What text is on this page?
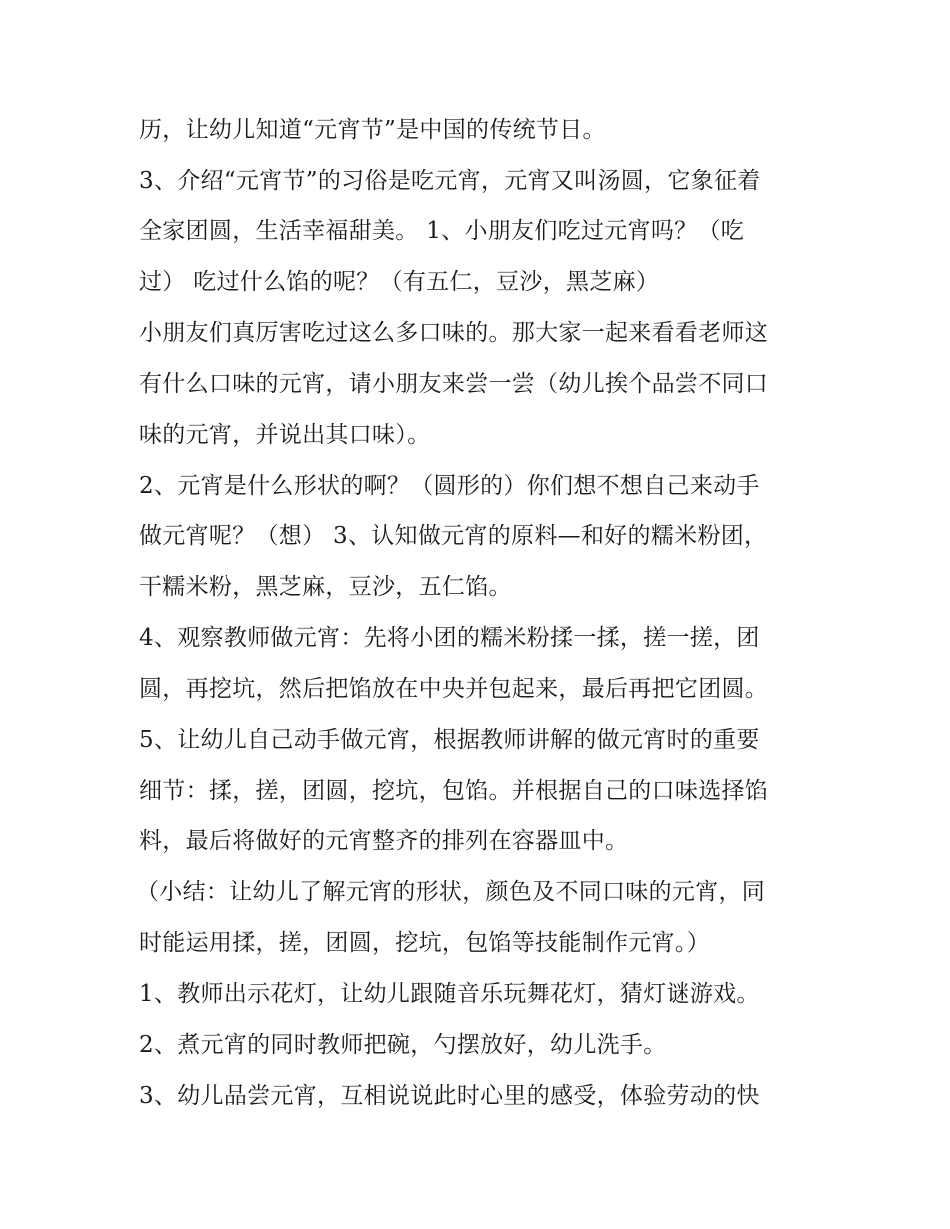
历，让幼儿知道“元宵节”是中国的传统节日。
3、介绍“元宵节”的习俗是吃元宵，元宵又叫汤圆，它象征着
全家团圆，生活幸福甜美。 1、小朋友们吃过元宵吗？（吃
过） 吃过什么馅的呢？（有五仁，豆沙，黑芝麻）
小朋友们真厉害吃过这么多口味的。那大家一起来看看老师这
有什么口味的元宵，请小朋友来尝一尝（幼儿挨个品尝不同口
味的元宵，并说出其口味）。
2、元宵是什么形状的啊？（圆形的）你们想不想自己来动手
做元宵呢？（想） 3、认知做元宵的原料—和好的糯米粉团，
干糯米粉，黑芝麻，豆沙，五仁馅。
4、观察教师做元宵：先将小团的糯米粉揉一揉，搓一搓，团
圆，再挖坑，然后把馅放在中央并包起来，最后再把它团圆。
5、让幼儿自己动手做元宵，根据教师讲解的做元宵时的重要
细节：揉，搓，团圆，挖坑，包馅。并根据自己的口味选择馅
料，最后将做好的元宵整齐的排列在容器皿中。
（小结：让幼儿了解元宵的形状，颜色及不同口味的元宵，同
时能运用揉，搓，团圆，挖坑，包馅等技能制作元宵。）
1、教师出示花灯，让幼儿跟随音乐玩舞花灯，猜灯谜游戏。
2、煮元宵的同时教师把碗，勺摆放好，幼儿洗手。
3、幼儿品尝元宵，互相说说此时心里的感受，体验劳动的快
